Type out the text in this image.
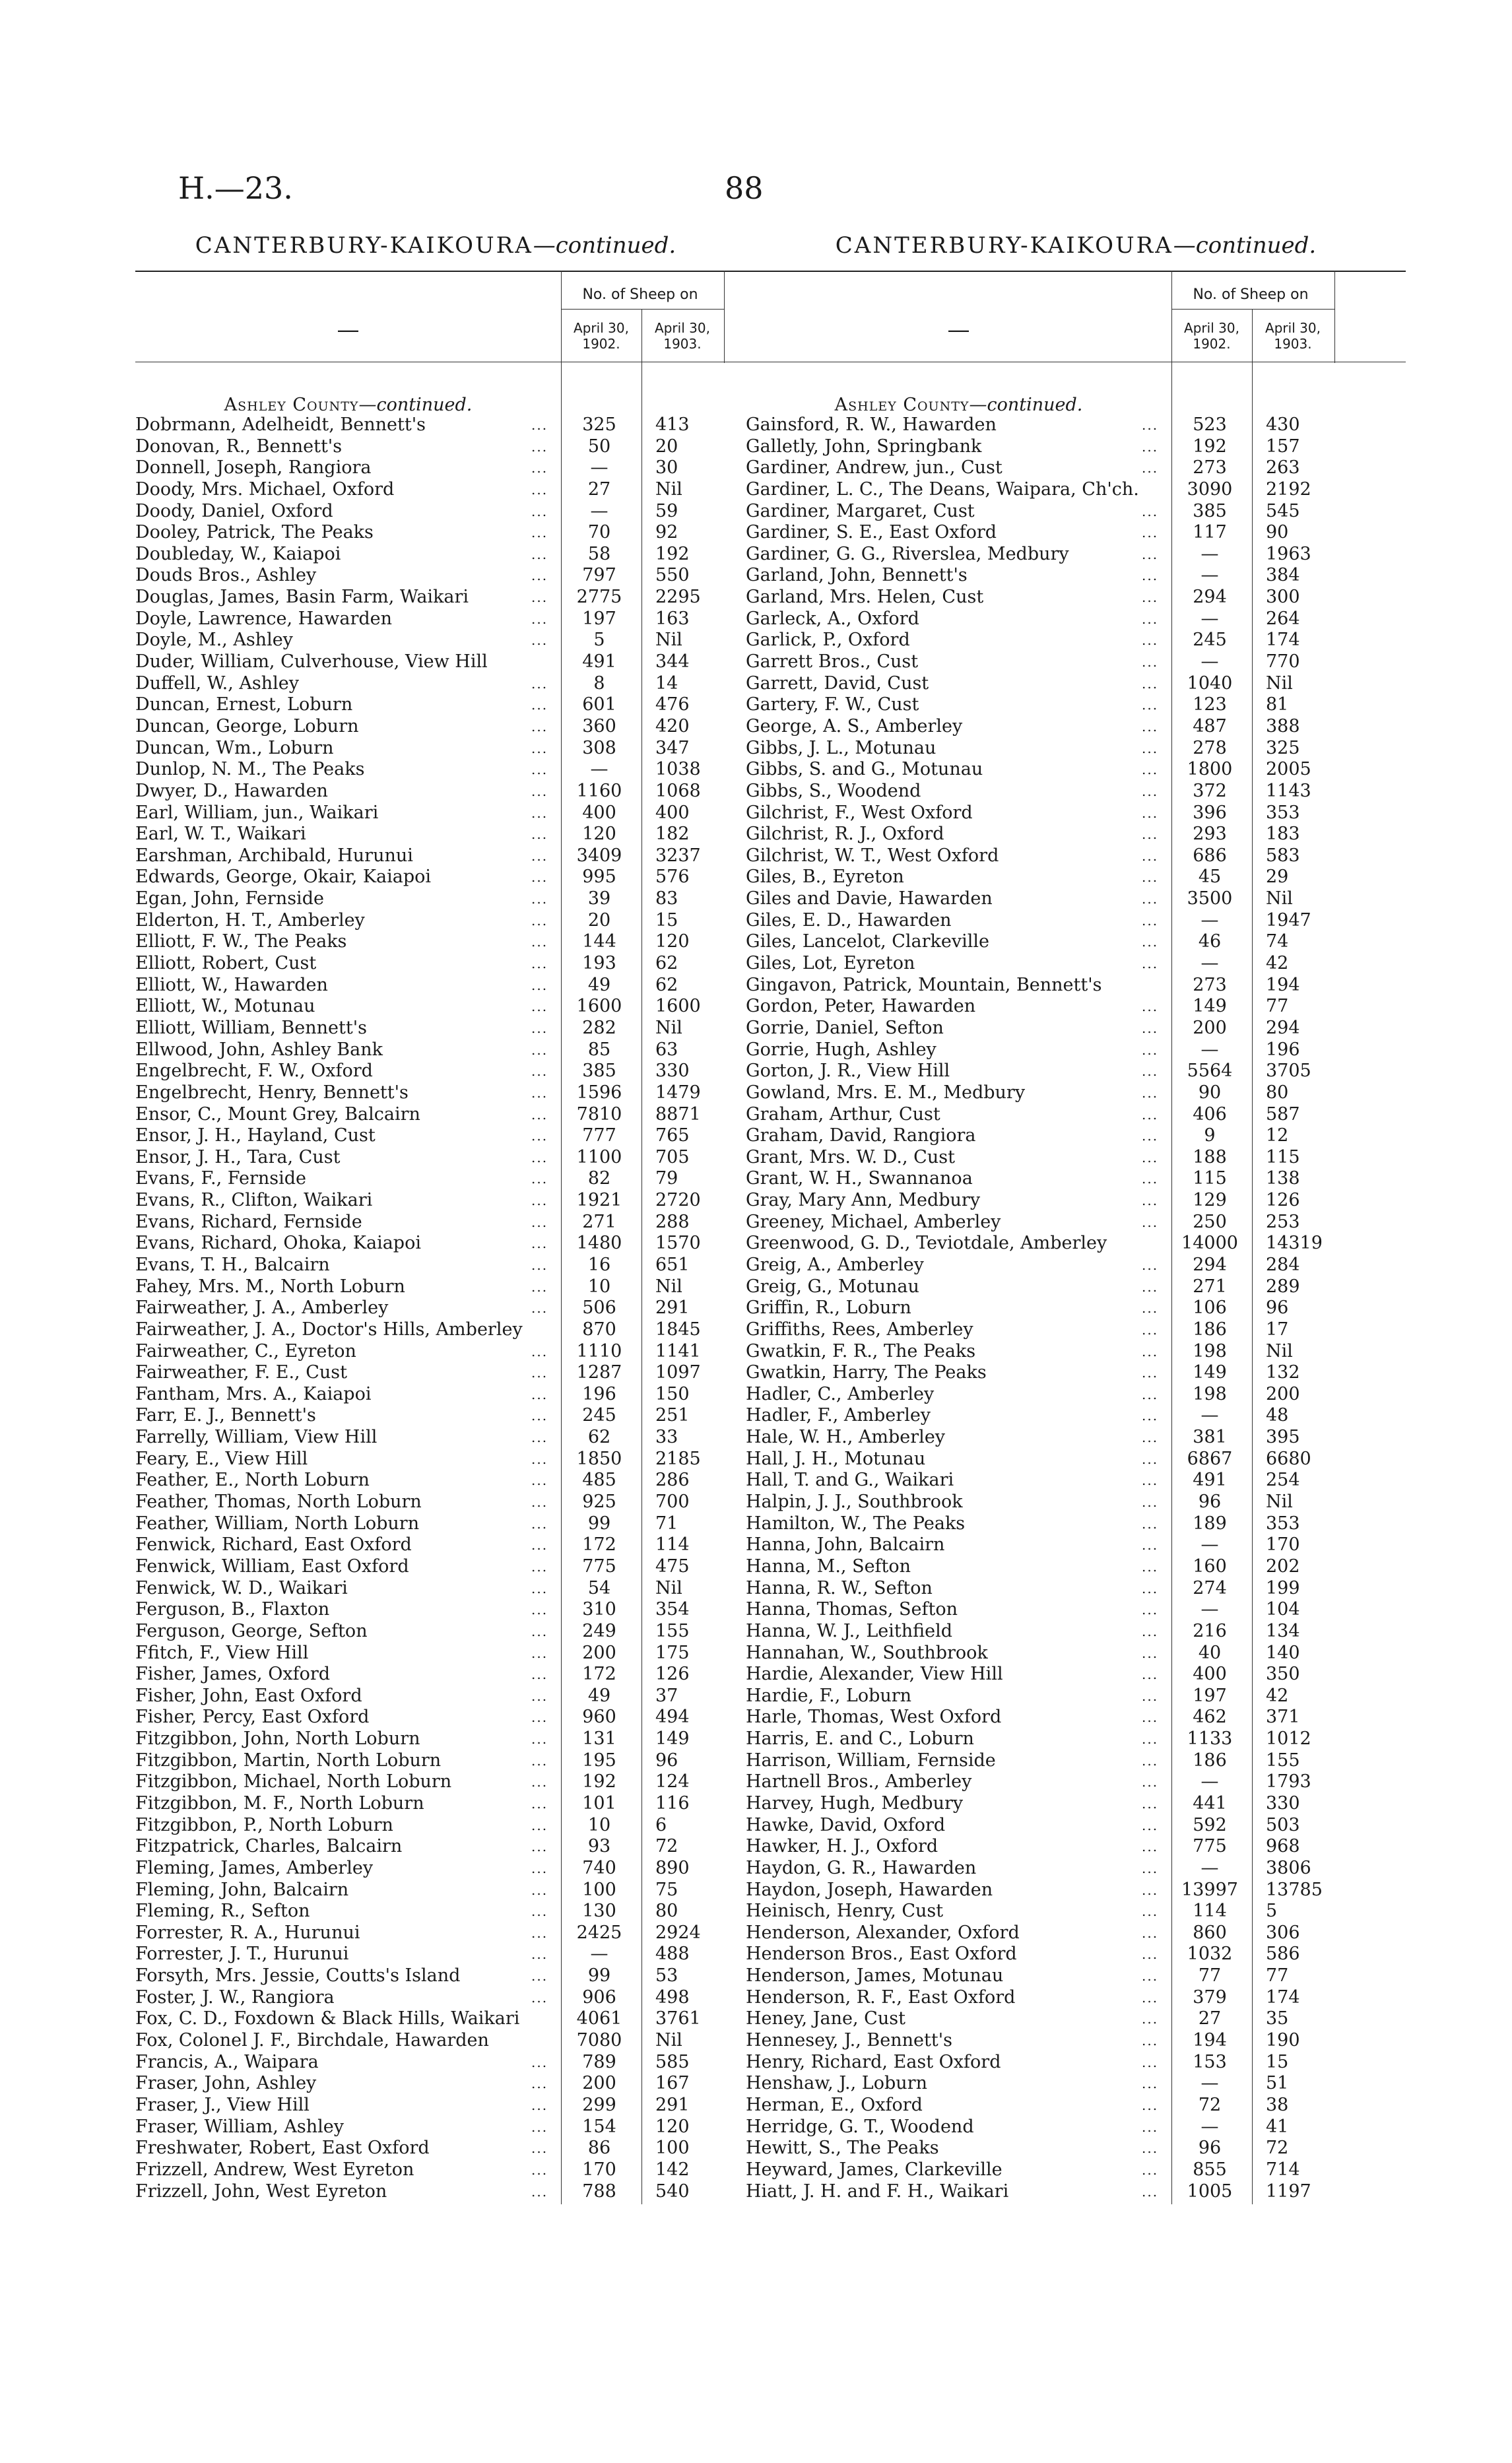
H.—23.	88
CANTERBURY-KAIKOURA—continued.	CANTERBURY-KAIKOURA—continued.
—
No. of Sheep on
April 30, 1902.
April 30, 1903.
Ashley County—continued.
Dobrmann, Adelheidt, Bennett's	...	325	413
Donovan, R., Bennett's	...	50	20
Donnell, Joseph, Rangiora	...	—	30
Doody, Mrs. Michael, Oxford	...	27	Nil
Doody, Daniel, Oxford	...	—	59
Dooley, Patrick, The Peaks	...	70	92
Doubleday, W., Kaiapoi	...	58	192
Douds Bros., Ashley	...	797	550
Douglas, James, Basin Farm, Waikari	...	2775	2295
Doyle, Lawrence, Hawarden	...	197	163
Doyle, M., Ashley	...	5	Nil
Duder, William, Culverhouse, View Hill	491	344
Duffell, W., Ashley	...	8	14
Duncan, Ernest, Loburn	...	601	476
Duncan, George, Loburn	...	360	420
Duncan, Wm., Loburn	...	308	347
Dunlop, N. M., The Peaks	...	—	1038
Dwyer, D., Hawarden	...	1160	1068
Earl, William, jun., Waikari	...	400	400
Earl, W. T., Waikari	...	120	182
Earshman, Archibald, Hurunui	...	3409	3237
Edwards, George, Okair, Kaiapoi	...	995	576
Egan, John, Fernside	...	39	83
Elderton, H. T., Amberley	...	20	15
Elliott, F. W., The Peaks	...	144	120
Elliott, Robert, Cust	...	193	62
Elliott, W., Hawarden	...	49	62
Elliott, W., Motunau	...	1600	1600
Elliott, William, Bennett's	...	282	Nil
Ellwood, John, Ashley Bank	...	85	63
Engelbrecht, F. W., Oxford	...	385	330
Engelbrecht, Henry, Bennett's	...	1596	1479
Ensor, C., Mount Grey, Balcairn	...	7810	8871
Ensor, J. H., Hayland, Cust	...	777	765
Ensor, J. H., Tara, Cust	...	1100	705
Evans, F., Fernside	...	82	79
Evans, R., Clifton, Waikari	...	1921	2720
Evans, Richard, Fernside	...	271	288
Evans, Richard, Ohoka, Kaiapoi	...	1480	1570
Evans, T. H., Balcairn	...	16	651
Fahey, Mrs. M., North Loburn	...	10	Nil
Fairweather, J. A., Amberley	...	506	291
Fairweather, J. A., Doctor's Hills, Amberley	870	1845
Fairweather, C., Eyreton	...	1110	1141
Fairweather, F. E., Cust	...	1287	1097
Fantham, Mrs. A., Kaiapoi	...	196	150
Farr, E. J., Bennett's	...	245	251
Farrelly, William, View Hill	...	62	33
Feary, E., View Hill	...	1850	2185
Feather, E., North Loburn	...	485	286
Feather, Thomas, North Loburn	...	925	700
Feather, William, North Loburn	...	99	71
Fenwick, Richard, East Oxford	...	172	114
Fenwick, William, East Oxford	...	775	475
Fenwick, W. D., Waikari	...	54	Nil
Ferguson, B., Flaxton	...	310	354
Ferguson, George, Sefton	...	249	155
Ffitch, F., View Hill	...	200	175
Fisher, James, Oxford	...	172	126
Fisher, John, East Oxford	...	49	37
Fisher, Percy, East Oxford	...	960	494
Fitzgibbon, John, North Loburn	...	131	149
Fitzgibbon, Martin, North Loburn	...	195	96
Fitzgibbon, Michael, North Loburn	...	192	124
Fitzgibbon, M. F., North Loburn	...	101	116
Fitzgibbon, P., North Loburn	...	10	6
Fitzpatrick, Charles, Balcairn	...	93	72
Fleming, James, Amberley	...	740	890
Fleming, John, Balcairn	...	100	75
Fleming, R., Sefton	...	130	80
Forrester, R. A., Hurunui	...	2425	2924
Forrester, J. T., Hurunui	...	—	488
Forsyth, Mrs. Jessie, Coutts's Island	...	99	53
Foster, J. W., Rangiora	...	906	498
Fox, C. D., Foxdown & Black Hills, Waikari	4061	3761
Fox, Colonel J. F., Birchdale, Hawarden	7080	Nil
Francis, A., Waipara	...	789	585
Fraser, John, Ashley	...	200	167
Fraser, J., View Hill	...	299	291
Fraser, William, Ashley	...	154	120
Freshwater, Robert, East Oxford	...	86	100
Frizzell, Andrew, West Eyreton	...	170	142
Frizzell, John, West Eyreton	...	788	540
—
No. of Sheep on
April 30, 1902.
April 30, 1903.
Ashley County—continued.
Gainsford, R. W., Hawarden	...	523	430
Galletly, John, Springbank	...	192	157
Gardiner, Andrew, jun., Cust	...	273	263
Gardiner, L. C., The Deans, Waipara, Ch'ch.	3090	2192
Gardiner, Margaret, Cust	...	385	545
Gardiner, S. E., East Oxford	...	117	90
Gardiner, G. G., Riverslea, Medbury	...	—	1963
Garland, John, Bennett's	...	—	384
Garland, Mrs. Helen, Cust	...	294	300
Garleck, A., Oxford	...	—	264
Garlick, P., Oxford	...	245	174
Garrett Bros., Cust	...	—	770
Garrett, David, Cust	...	1040	Nil
Gartery, F. W., Cust	...	123	81
George, A. S., Amberley	...	487	388
Gibbs, J. L., Motunau	...	278	325
Gibbs, S. and G., Motunau	...	1800	2005
Gibbs, S., Woodend	...	372	1143
Gilchrist, F., West Oxford	...	396	353
Gilchrist, R. J., Oxford	...	293	183
Gilchrist, W. T., West Oxford	...	686	583
Giles, B., Eyreton	...	45	29
Giles and Davie, Hawarden	...	3500	Nil
Giles, E. D., Hawarden	...	—	1947
Giles, Lancelot, Clarkeville	...	46	74
Giles, Lot, Eyreton	...	—	42
Gingavon, Patrick, Mountain, Bennett's	273	194
Gordon, Peter, Hawarden	...	149	77
Gorrie, Daniel, Sefton	...	200	294
Gorrie, Hugh, Ashley	...	—	196
Gorton, J. R., View Hill	...	5564	3705
Gowland, Mrs. E. M., Medbury	...	90	80
Graham, Arthur, Cust	...	406	587
Graham, David, Rangiora	...	9	12
Grant, Mrs. W. D., Cust	...	188	115
Grant, W. H., Swannanoa	...	115	138
Gray, Mary Ann, Medbury	...	129	126
Greeney, Michael, Amberley	...	250	253
Greenwood, G. D., Teviotdale, Amberley	14000	14319
Greig, A., Amberley	...	294	284
Greig, G., Motunau	...	271	289
Griffin, R., Loburn	...	106	96
Griffiths, Rees, Amberley	...	186	17
Gwatkin, F. R., The Peaks	...	198	Nil
Gwatkin, Harry, The Peaks	...	149	132
Hadler, C., Amberley	...	198	200
Hadler, F., Amberley	...	—	48
Hale, W. H., Amberley	...	381	395
Hall, J. H., Motunau	...	6867	6680
Hall, T. and G., Waikari	...	491	254
Halpin, J. J., Southbrook	...	96	Nil
Hamilton, W., The Peaks	...	189	353
Hanna, John, Balcairn	...	—	170
Hanna, M., Sefton	...	160	202
Hanna, R. W., Sefton	...	274	199
Hanna, Thomas, Sefton	...	—	104
Hanna, W. J., Leithfield	...	216	134
Hannahan, W., Southbrook	...	40	140
Hardie, Alexander, View Hill	...	400	350
Hardie, F., Loburn	...	197	42
Harle, Thomas, West Oxford	...	462	371
Harris, E. and C., Loburn	...	1133	1012
Harrison, William, Fernside	...	186	155
Hartnell Bros., Amberley	...	—	1793
Harvey, Hugh, Medbury	...	441	330
Hawke, David, Oxford	...	592	503
Hawker, H. J., Oxford	...	775	968
Haydon, G. R., Hawarden	...	—	3806
Haydon, Joseph, Hawarden	...	13997	13785
Heinisch, Henry, Cust	...	114	5
Henderson, Alexander, Oxford	...	860	306
Henderson Bros., East Oxford	...	1032	586
Henderson, James, Motunau	...	77	77
Henderson, R. F., East Oxford	...	379	174
Heney, Jane, Cust	...	27	35
Hennesey, J., Bennett's	...	194	190
Henry, Richard, East Oxford	...	153	15
Henshaw, J., Loburn	...	—	51
Herman, E., Oxford	...	72	38
Herridge, G. T., Woodend	...	—	41
Hewitt, S., The Peaks	...	96	72
Heyward, James, Clarkeville	...	855	714
Hiatt, J. H. and F. H., Waikari	...	1005	1197
